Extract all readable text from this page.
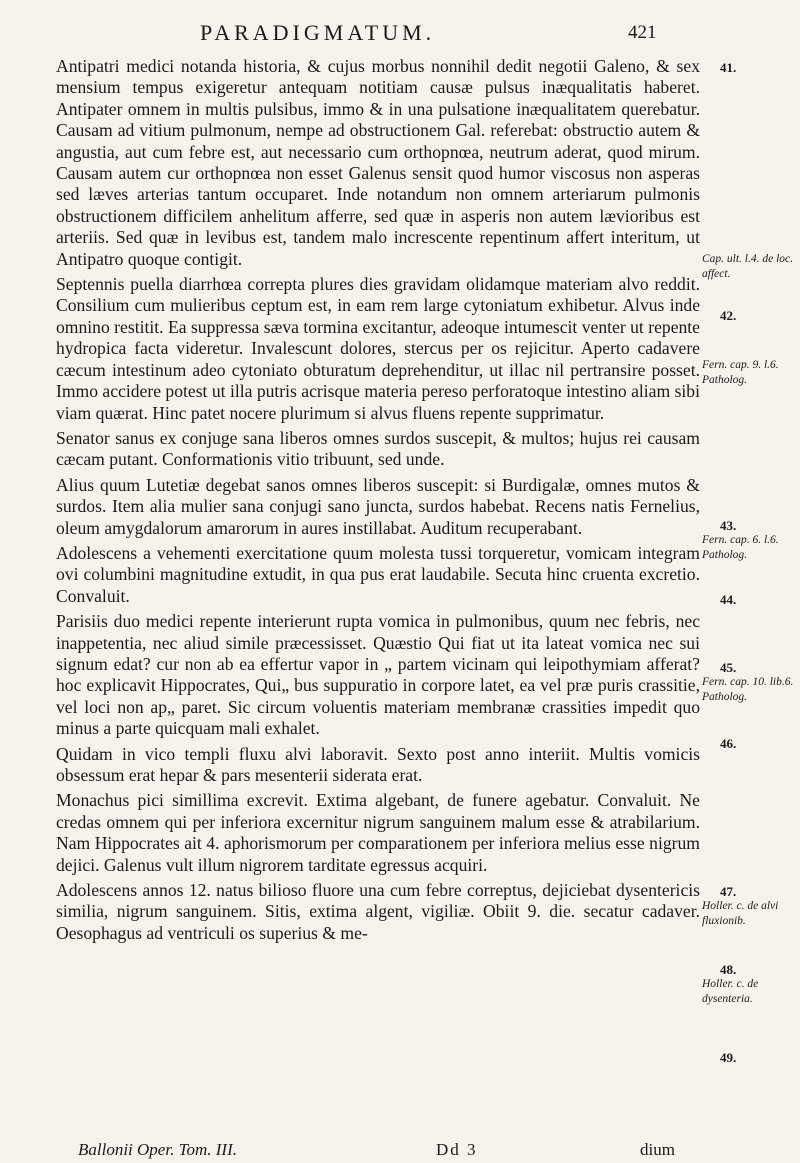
PARADIGMATUM.	421

Antipatri medici notanda historia, & cujus morbus nonnihil dedit negotii Galeno, & sex mensium tempus exigeretur antequam notitiam causæ pulsus inæqualitatis haberet. Antipater omnem in multis pulsibus, immo & in una pulsatione inæqualitatem querebatur. Causam ad vitium pulmonum, nempe ad obstructionem Gal. referebat: obstructio autem & angustia, aut cum febre est, aut necessario cum orthopnœa, neutrum aderat, quod mirum. Causam autem cur orthopnœa non esset Galenus sensit quod humor viscosus non asperas sed læves arterias tantum occuparet. Inde notandum non omnem arteriarum pulmonis obstructionem difficilem anhelitum afferre, sed quæ in asperis non autem lævioribus est arteriis. Sed quæ in levibus est, tandem malo increscente repentinum affert interitum, ut Antipatro quoque contigit.

Septennis puella diarrhœa correpta plures dies gravidam olidamque materiam alvo reddit. Consilium cum mulieribus ceptum est, in eam rem large cytoniatum exhibetur. Alvus inde omnino restitit. Ea suppressa sæva tormina excitantur, adeoque intumescit venter ut repente hydropica facta videretur. Invalescunt dolores, stercus per os rejicitur. Aperto cadavere cæcum intestinum adeo cytoniato obturatum deprehenditur, ut illac nil pertransire posset. Immo accidere potest ut illa putris acrisque materia pereso perforatoque intestino aliam sibi viam quærat. Hinc patet nocere plurimum si alvus fluens repente supprimatur.

Senator sanus ex conjuge sana liberos omnes surdos suscepit, & multos; hujus rei causam cæcam putant. Conformationis vitio tribuunt, sed unde.

Alius quum Lutetiæ degebat sanos omnes liberos suscepit: si Burdigalæ, omnes mutos & surdos. Item alia mulier sana conjugi sano juncta, surdos habebat. Recens natis Fernelius, oleum amygdalorum amarorum in aures instillabat. Auditum recuperabant.

Adolescens a vehementi exercitatione quum molesta tussi torqueretur, vomicam integram ovi columbini magnitudine extudit, in qua pus erat laudabile. Secuta hinc cruenta excretio. Convaluit.

Parisiis duo medici repente interierunt rupta vomica in pulmonibus, quum nec febris, nec inappetentia, nec aliud simile præcessisset. Quæstio Qui fiat ut ita lateat vomica nec sui signum edat? cur non ab ea effertur vapor in „ partem vicinam qui leipothymiam afferat? hoc explicavit Hippocrates, Qui„ bus suppuratio in corpore latet, ea vel præ puris crassitie, vel loci non ap„ paret. Sic circum voluentis materiam membranæ crassities impedit quo minus a parte quicquam mali exhalet.

Quidam in vico templi fluxu alvi laboravit. Sexto post anno interiit. Multis vomicis obsessum erat hepar & pars mesenterii siderata erat.

Monachus pici simillima excrevit. Extima algebant, de funere agebatur. Convaluit. Ne credas omnem qui per inferiora excernitur nigrum sanguinem malum esse & atrabilarium. Nam Hippocrates ait 4. aphorismorum per comparationem per inferiora melius esse nigrum dejici. Galenus vult illum nigrorem tarditate egressus acquiri.

Adolescens annos 12. natus bilioso fluore una cum febre correptus, dejiciebat dysentericis similia, nigrum sanguinem. Sitis, extima algent, vigiliæ. Obiit 9. die. secatur cadaver. Oesophagus ad ventriculi os superius & me-

41.
Cap. ult. l.4. de loc. affect.
42.
Fern. cap. 9. l.6. Patholog.
43.
Fern. cap. 6. l.6. Patholog.
44.
45.
Fern. cap. 10. lib.6. Patholog.
46.
47.
Holler. c. de alvi fluxionib.
48.
Holler. c. de dysenteria.
49.
Ballonii Oper. Tom. III.	Dd 3	dium
